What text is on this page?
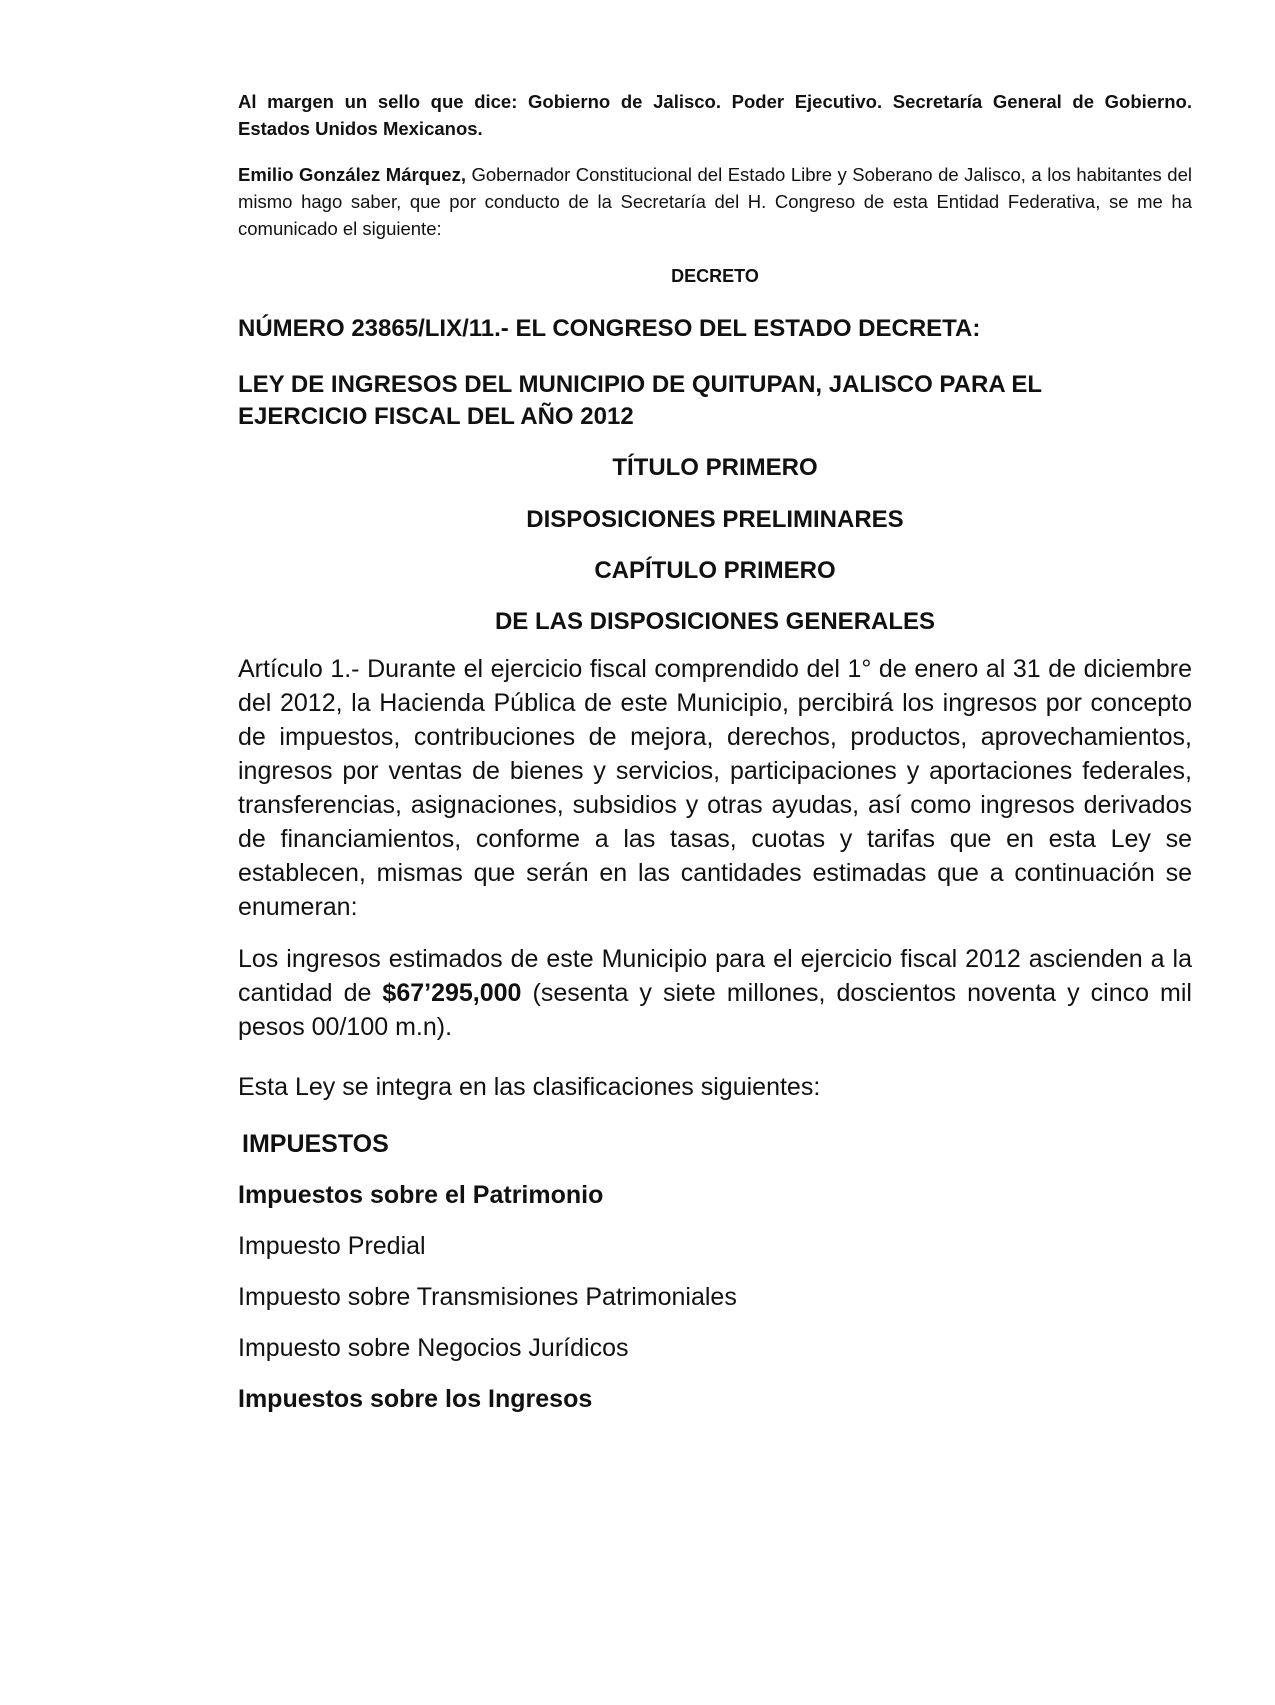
Al margen un sello que dice: Gobierno de Jalisco. Poder Ejecutivo. Secretaría General de Gobierno. Estados Unidos Mexicanos.

Emilio González Márquez, Gobernador Constitucional del Estado Libre y Soberano de Jalisco, a los habitantes del mismo hago saber, que por conducto de la Secretaría del H. Congreso de esta Entidad Federativa, se me ha comunicado el siguiente:

DECRETO

NÚMERO 23865/LIX/11.- EL CONGRESO DEL ESTADO DECRETA:

LEY DE INGRESOS DEL MUNICIPIO DE QUITUPAN, JALISCO PARA EL EJERCICIO FISCAL DEL AÑO 2012

TÍTULO PRIMERO

DISPOSICIONES PRELIMINARES

CAPÍTULO PRIMERO

DE LAS DISPOSICIONES GENERALES

Artículo 1.- Durante el ejercicio fiscal comprendido del 1° de enero al 31 de diciembre del 2012, la Hacienda Pública de este Municipio, percibirá los ingresos por concepto de impuestos, contribuciones de mejora, derechos, productos, aprovechamientos, ingresos por ventas de bienes y servicios, participaciones y aportaciones federales, transferencias, asignaciones, subsidios y otras ayudas, así como ingresos derivados de financiamientos, conforme a las tasas, cuotas y tarifas que en esta Ley se establecen, mismas que serán en las cantidades estimadas que a continuación se enumeran:

Los ingresos estimados de este Municipio para el ejercicio fiscal 2012 ascienden a la cantidad de $67’295,000 (sesenta y siete millones, doscientos noventa y cinco mil pesos 00/100 m.n).

Esta Ley se integra en las clasificaciones siguientes:

IMPUESTOS

Impuestos sobre el Patrimonio

Impuesto Predial

Impuesto sobre Transmisiones Patrimoniales

Impuesto sobre Negocios Jurídicos

Impuestos sobre los Ingresos
